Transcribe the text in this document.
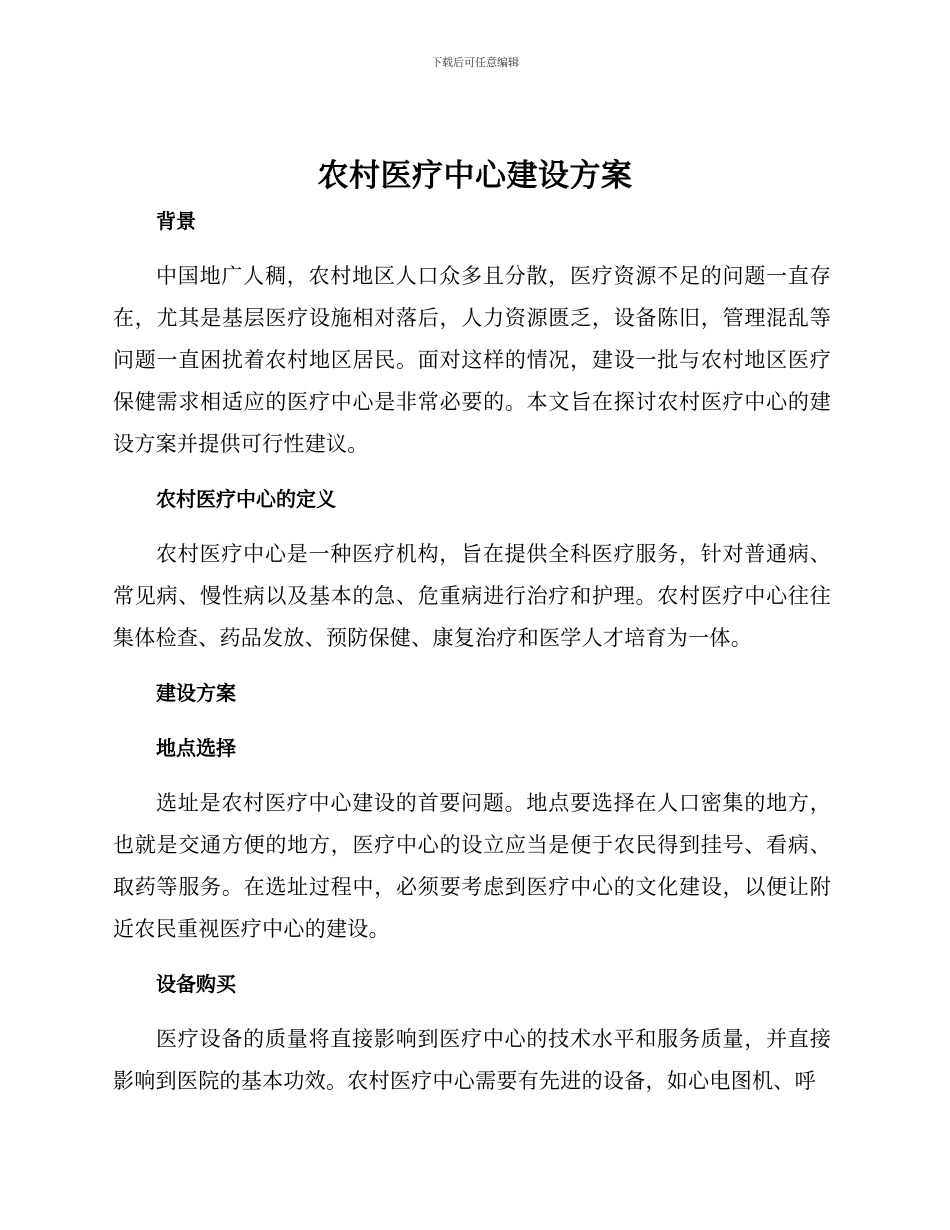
下载后可任意编辑
农村医疗中心建设方案

背景

中国地广人稠，农村地区人口众多且分散，医疗资源不足的问题一直存在，尤其是基层医疗设施相对落后，人力资源匮乏，设备陈旧，管理混乱等问题一直困扰着农村地区居民。面对这样的情况，建设一批与农村地区医疗保健需求相适应的医疗中心是非常必要的。本文旨在探讨农村医疗中心的建设方案并提供可行性建议。

农村医疗中心的定义

农村医疗中心是一种医疗机构，旨在提供全科医疗服务，针对普通病、常见病、慢性病以及基本的急、危重病进行治疗和护理。农村医疗中心往往集体检查、药品发放、预防保健、康复治疗和医学人才培育为一体。

建设方案

地点选择

选址是农村医疗中心建设的首要问题。地点要选择在人口密集的地方，也就是交通方便的地方，医疗中心的设立应当是便于农民得到挂号、看病、取药等服务。在选址过程中，必须要考虑到医疗中心的文化建设，以便让附近农民重视医疗中心的建设。

设备购买

医疗设备的质量将直接影响到医疗中心的技术水平和服务质量，并直接影响到医院的基本功效。农村医疗中心需要有先进的设备，如心电图机、呼
